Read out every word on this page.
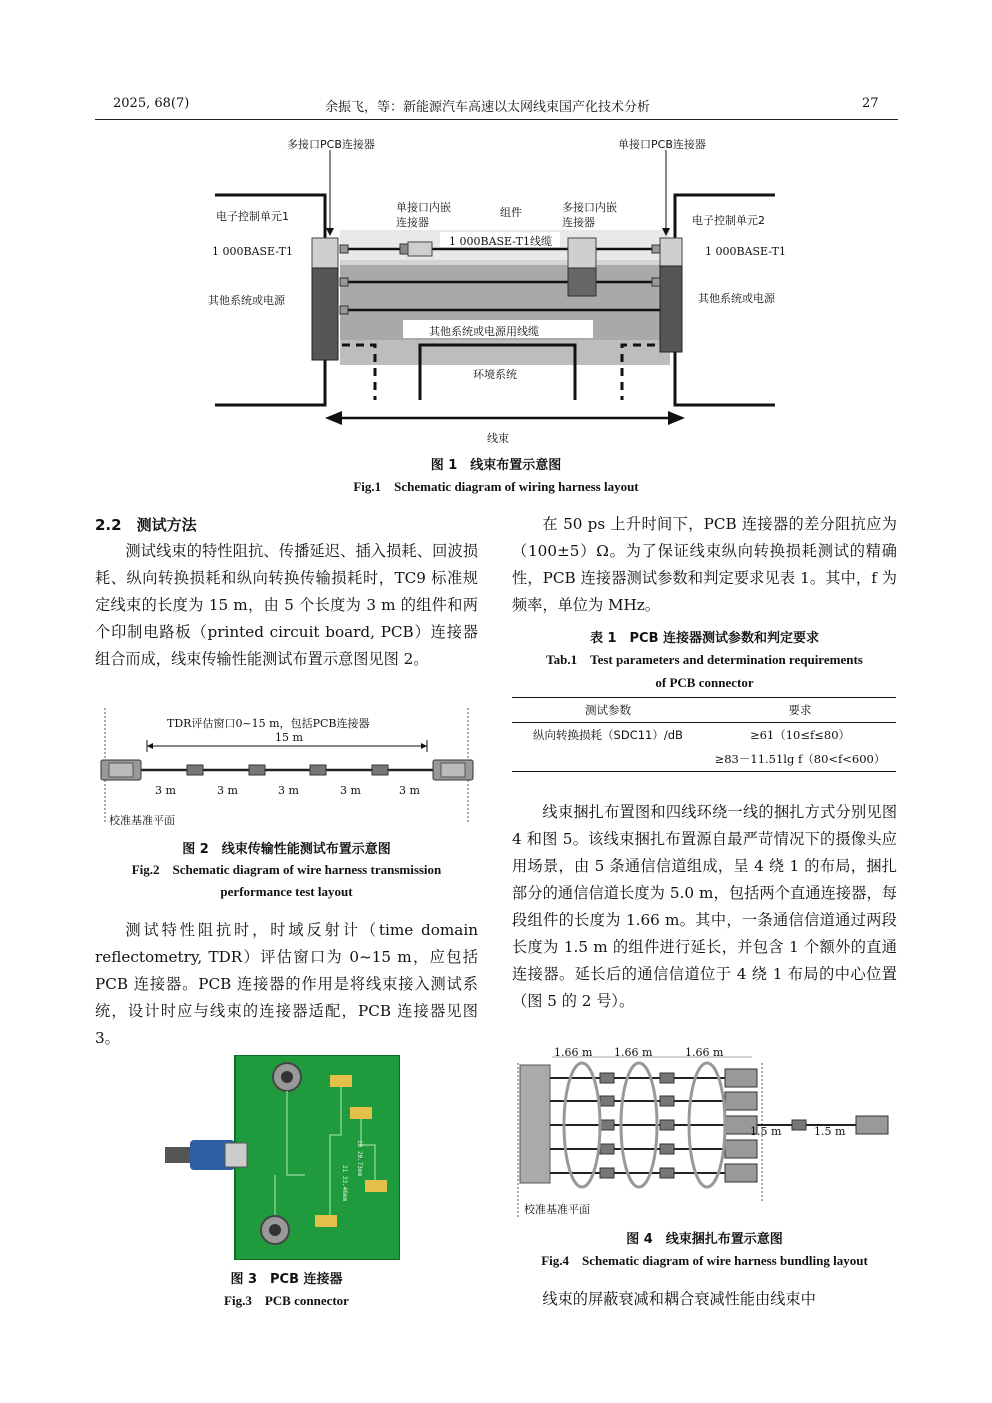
2025, 68(7)	余振飞，等：新能源汽车高速以太网线束国产化技术分析	27
多接口PCB连接器	单接口PCB连接器
电子控制单元1	电子控制单元2
1 000BASE-T1	1 000BASE-T1
单接口内嵌
连接器
组件	多接口内嵌
连接器
1 000BASE-T1线缆
其他系统或电源	其他系统或电源
其他系统或电源用线缆
环境系统
线束
图 1　线束布置示意图
Fig.1　Schematic diagram of wiring harness layout
2.2　测试方法
测试线束的特性阻抗、传播延迟、插入损耗、回波损耗、纵向转换损耗和纵向转换传输损耗时，TC9 标准规定线束的长度为 15 m，由 5 个长度为 3 m 的组件和两个印制电路板（printed circuit board, PCB）连接器组合而成，线束传输性能测试布置示意图见图 2。
TDR评估窗口0~15 m，包括PCB连接器
15 m
3 m	3 m	3 m	3 m	3 m
校准基准平面
图 2　线束传输性能测试布置示意图
Fig.2　Schematic diagram of wire harness transmission
performance test layout
测试特性阻抗时，时域反射计（time domain reflectometry, TDR）评估窗口为 0~15 m，应包括 PCB 连接器。PCB 连接器的作用是将线束接入测试系统，设计时应与线束的连接器适配，PCB 连接器见图 3。
10 20.73mm
21 33.46mm
图 3　PCB 连接器
Fig.3　PCB connector
在 50 ps 上升时间下，PCB 连接器的差分阻抗应为（100±5）Ω。为了保证线束纵向转换损耗测试的精确性，PCB 连接器测试参数和判定要求见表 1。其中，f 为频率，单位为 MHz。
表 1　PCB 连接器测试参数和判定要求
Tab.1　Test parameters and determination requirements
of PCB connector
测试参数	要求
纵向转换损耗（SDC11）/dB	≥61（10≤f≤80）
	≥83－11.51lg f（80<f<600）
线束捆扎布置图和四线环绕一线的捆扎方式分别见图 4 和图 5。该线束捆扎布置源自最严苛情况下的摄像头应用场景，由 5 条通信信道组成，呈 4 绕 1 的布局，捆扎部分的通信信道长度为 5.0 m，包括两个直通连接器，每段组件的长度为 1.66 m。其中，一条通信信道通过两段长度为 1.5 m 的组件进行延长，并包含 1 个额外的直通连接器。延长后的通信信道位于 4 绕 1 布局的中心位置（图 5 的 2 号）。
1.66 m 1.66 m	1.66 m
1.5 m	1.5 m
校准基准平面
图 4　线束捆扎布置示意图
Fig.4　Schematic diagram of wire harness bundling layout
线束的屏蔽衰减和耦合衰减性能由线束中
